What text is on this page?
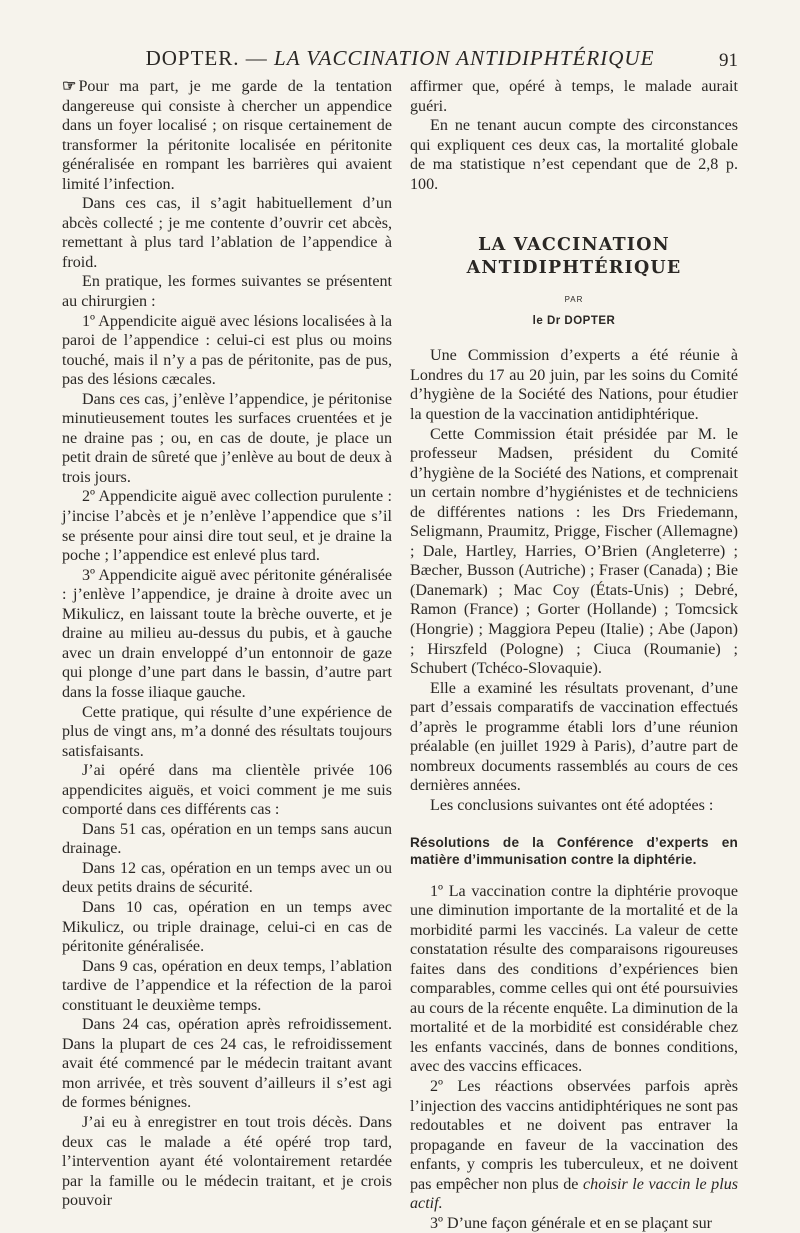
DOPTER. — LA VACCINATION ANTIDIPHTÉRIQUE	91

☞ Pour ma part, je me garde de la tentation dangereuse qui consiste à chercher un appendice dans un foyer localisé ; on risque certainement de transformer la péritonite localisée en péritonite généralisée en rompant les barrières qui avaient limité l’infection.

Dans ces cas, il s’agit habituellement d’un abcès collecté ; je me contente d’ouvrir cet abcès, remettant à plus tard l’ablation de l’appendice à froid.

En pratique, les formes suivantes se présentent au chirurgien :

1º Appendicite aiguë avec lésions localisées à la paroi de l’appendice : celui-ci est plus ou moins touché, mais il n’y a pas de péritonite, pas de pus, pas des lésions cæcales.

Dans ces cas, j’enlève l’appendice, je péritonise minutieusement toutes les surfaces cruentées et je ne draine pas ; ou, en cas de doute, je place un petit drain de sûreté que j’enlève au bout de deux à trois jours.

2º Appendicite aiguë avec collection purulente : j’incise l’abcès et je n’enlève l’appendice que s’il se présente pour ainsi dire tout seul, et je draine la poche ; l’appendice est enlevé plus tard.

3º Appendicite aiguë avec péritonite généralisée : j’enlève l’appendice, je draine à droite avec un Mikulicz, en laissant toute la brèche ouverte, et je draine au milieu au-dessus du pubis, et à gauche avec un drain enveloppé d’un entonnoir de gaze qui plonge d’une part dans le bassin, d’autre part dans la fosse iliaque gauche.

Cette pratique, qui résulte d’une expérience de plus de vingt ans, m’a donné des résultats toujours satisfaisants.

J’ai opéré dans ma clientèle privée 106 appendicites aiguës, et voici comment je me suis comporté dans ces différents cas :

Dans 51 cas, opération en un temps sans aucun drainage.

Dans 12 cas, opération en un temps avec un ou deux petits drains de sécurité.

Dans 10 cas, opération en un temps avec Mikulicz, ou triple drainage, celui-ci en cas de péritonite généralisée.

Dans 9 cas, opération en deux temps, l’ablation tardive de l’appendice et la réfection de la paroi constituant le deuxième temps.

Dans 24 cas, opération après refroidissement. Dans la plupart de ces 24 cas, le refroidissement avait été commencé par le médecin traitant avant mon arrivée, et très souvent d’ailleurs il s’est agi de formes bénignes.

J’ai eu à enregistrer en tout trois décès. Dans deux cas le malade a été opéré trop tard, l’intervention ayant été volontairement retardée par la famille ou le médecin traitant, et je crois pouvoir

affirmer que, opéré à temps, le malade aurait guéri.

En ne tenant aucun compte des circonstances qui expliquent ces deux cas, la mortalité globale de ma statistique n’est cependant que de 2,8 p. 100.

LA VACCINATION
ANTIDIPHTÉRIQUE
PAR
le Dr DOPTER

Une Commission d’experts a été réunie à Londres du 17 au 20 juin, par les soins du Comité d’hygiène de la Société des Nations, pour étudier la question de la vaccination antidiphtérique.

Cette Commission était présidée par M. le professeur Madsen, président du Comité d’hygiène de la Société des Nations, et comprenait un certain nombre d’hygiénistes et de techniciens de différentes nations : les Drs Friedemann, Seligmann, Praumitz, Prigge, Fischer (Allemagne) ; Dale, Hartley, Harries, O’Brien (Angleterre) ; Bæcher, Busson (Autriche) ; Fraser (Canada) ; Bie (Danemark) ; Mac Coy (États-Unis) ; Debré, Ramon (France) ; Gorter (Hollande) ; Tomcsick (Hongrie) ; Maggiora Pepeu (Italie) ; Abe (Japon) ; Hirszfeld (Pologne) ; Ciuca (Roumanie) ; Schubert (Tchéco-Slovaquie).

Elle a examiné les résultats provenant, d’une part d’essais comparatifs de vaccination effectués d’après le programme établi lors d’une réunion préalable (en juillet 1929 à Paris), d’autre part de nombreux documents rassemblés au cours de ces dernières années.

Les conclusions suivantes ont été adoptées :

Résolutions de la Conférence d’experts en matière d’immunisation contre la diphtérie.

1º La vaccination contre la diphtérie provoque une diminution importante de la mortalité et de la morbidité parmi les vaccinés. La valeur de cette constatation résulte des comparaisons rigoureuses faites dans des conditions d’expériences bien comparables, comme celles qui ont été poursuivies au cours de la récente enquête. La diminution de la mortalité et de la morbidité est considérable chez les enfants vaccinés, dans de bonnes conditions, avec des vaccins efficaces.

2º Les réactions observées parfois après l’injection des vaccins antidiphtériques ne sont pas redoutables et ne doivent pas entraver la propagande en faveur de la vaccination des enfants, y compris les tuberculeux, et ne doivent pas empêcher non plus de choisir le vaccin le plus actif.

3º D’une façon générale et en se plaçant sur
